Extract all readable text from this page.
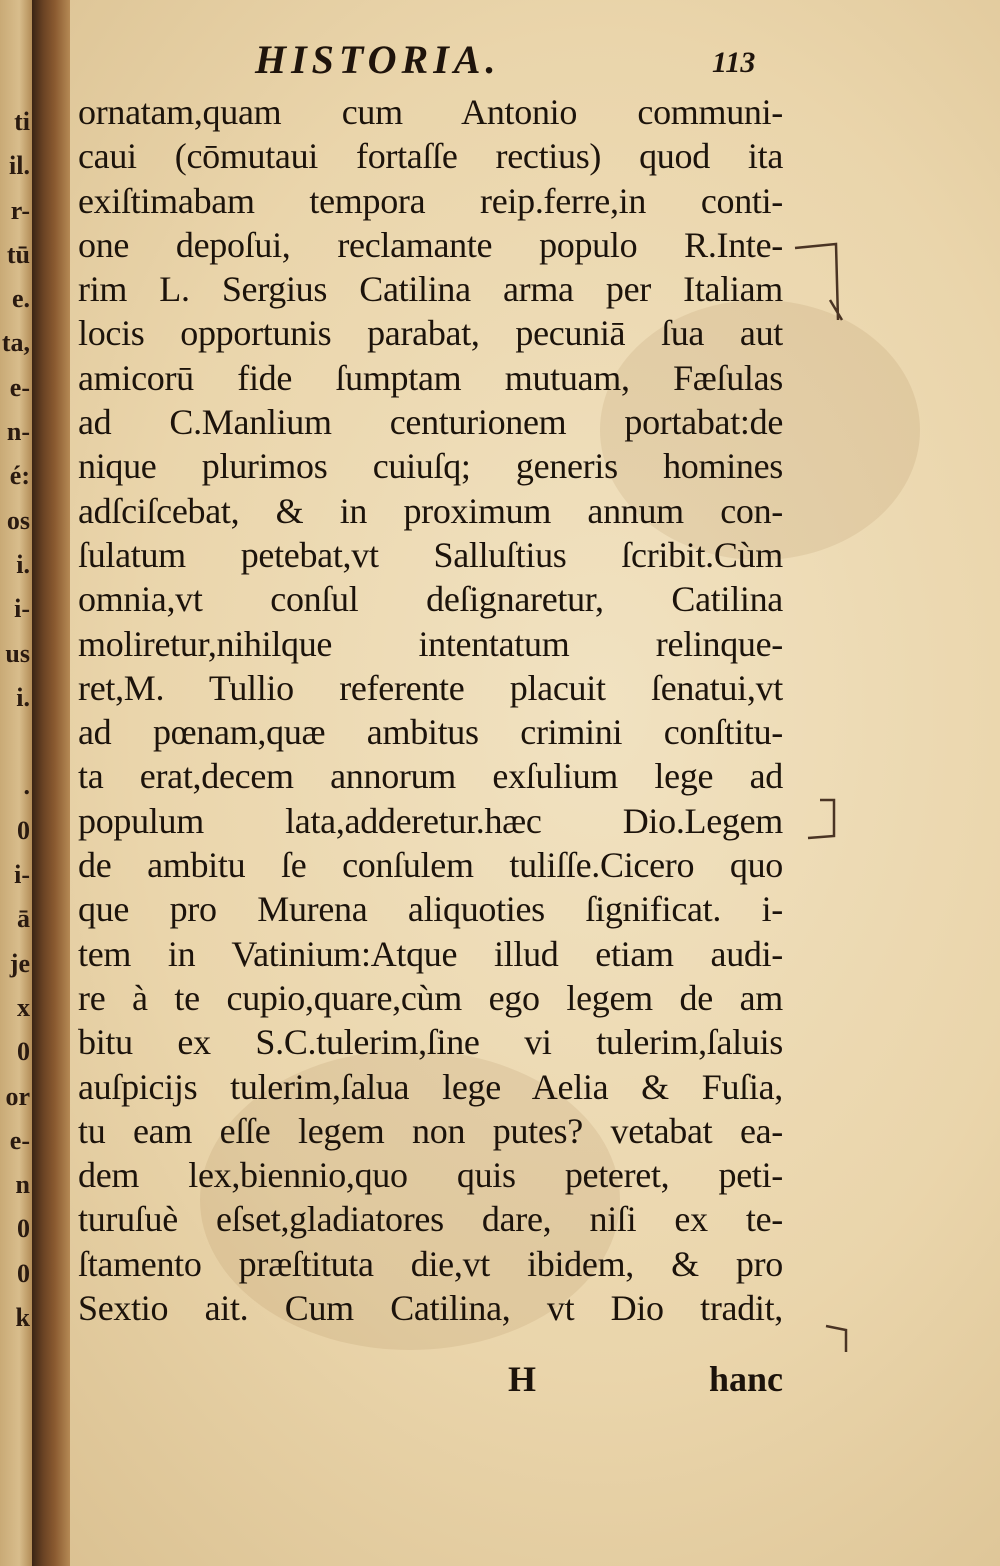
ti
il.
r-
tū
e.
ta,
e-
n-
é:
os
i.
i-
us
i.
.
0
i-
ā
je
x
0
or
e-
n
0
0
k
HISTORIA.	113
ornatam,quam cum Antonio communi-
caui (cōmutaui fortaſſe rectius) quod ita
exiſtimabam tempora reip.ferre,in conti-
one depoſui, reclamante populo R.Inte-
rim L. Sergius Catilina arma per Italiam
locis opportunis parabat, pecuniā ſua aut
amicorū fide ſumptam mutuam, Fæſulas
ad C.Manlium centurionem portabat:de
nique plurimos cuiuſq; generis homines
adſciſcebat, & in proximum annum con-
ſulatum petebat,vt Salluſtius ſcribit.Cùm
omnia,vt conſul deſignaretur, Catilina
moliretur,nihilque intentatum relinque-
ret,M. Tullio referente placuit ſenatui,vt
ad pœnam,quæ ambitus crimini conſtitu-
ta erat,decem annorum exſulium lege ad
populum lata,adderetur.hæc Dio.Legem
de ambitu ſe conſulem tuliſſe.Cicero quo
que pro Murena aliquoties ſignificat. i-
tem in Vatinium:Atque illud etiam audi-
re à te cupio,quare,cùm ego legem de am
bitu ex S.C.tulerim,ſine vi tulerim,ſaluis
auſpicijs tulerim,ſalua lege Aelia & Fuſia,
tu eam eſſe legem non putes? vetabat ea-
dem lex,biennio,quo quis peteret, peti-
turuſuè eſset,gladiatores dare, niſi ex te-
ſtamento præſtituta die,vt ibidem, & pro
Sextio ait. Cum Catilina, vt Dio tradit,
H	hanc
